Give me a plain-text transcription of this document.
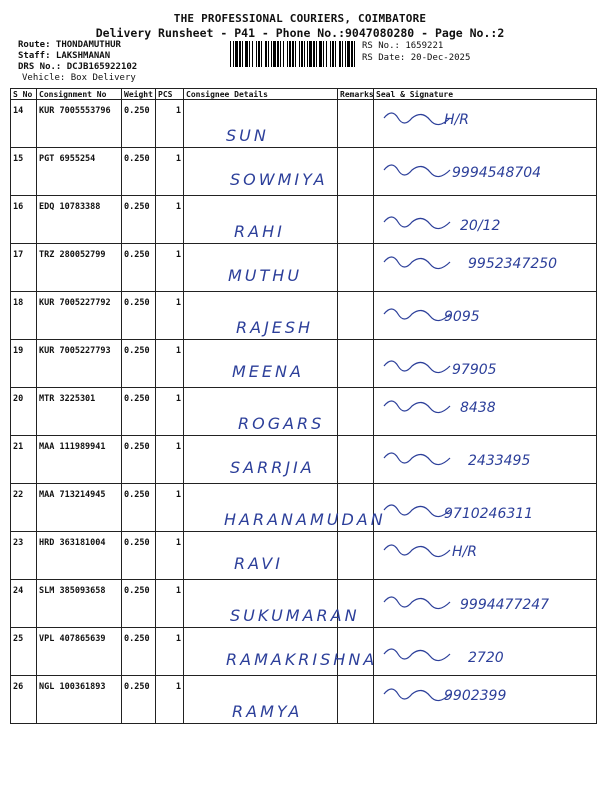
THE PROFESSIONAL COURIERS, COIMBATORE
Delivery Runsheet - P41 - Phone No.:9047080280 - Page No.:2
Route: THONDAMUTHUR
Staff: LAKSHMANAN
DRS No.: DCJB165922102
Vehicle: Box Delivery
RS No.: 1659221
RS Date: 20-Dec-2025
S No	Consignment No	Weight	PCS	Consignee Details	Remarks	Seal & Signature
14	KUR 7005553796	0.250	1	SUN		H/R

15	PGT 6955254	0.250	1	SOWMIYA		9994548704

16	EDQ 10783388	0.250	1	RAHI		20/12

17	TRZ 280052799	0.250	1	MUTHU		9952347250

18	KUR 7005227792	0.250	1	RAJESH		9095

19	KUR 7005227793	0.250	1	MEENA		97905

20	MTR 3225301	0.250	1	ROGARS		8438

21	MAA 111989941	0.250	1	SARRJIA		2433495

22	MAA 713214945	0.250	1	HARANAMUDAN		9710246311

23	HRD 363181004	0.250	1	RAVI		H/R

24	SLM 385093658	0.250	1	SUKUMARAN		9994477247

25	VPL 407865639	0.250	1	RAMAKRISHNA		2720

26	NGL 100361893	0.250	1	RAMYA		9902399
